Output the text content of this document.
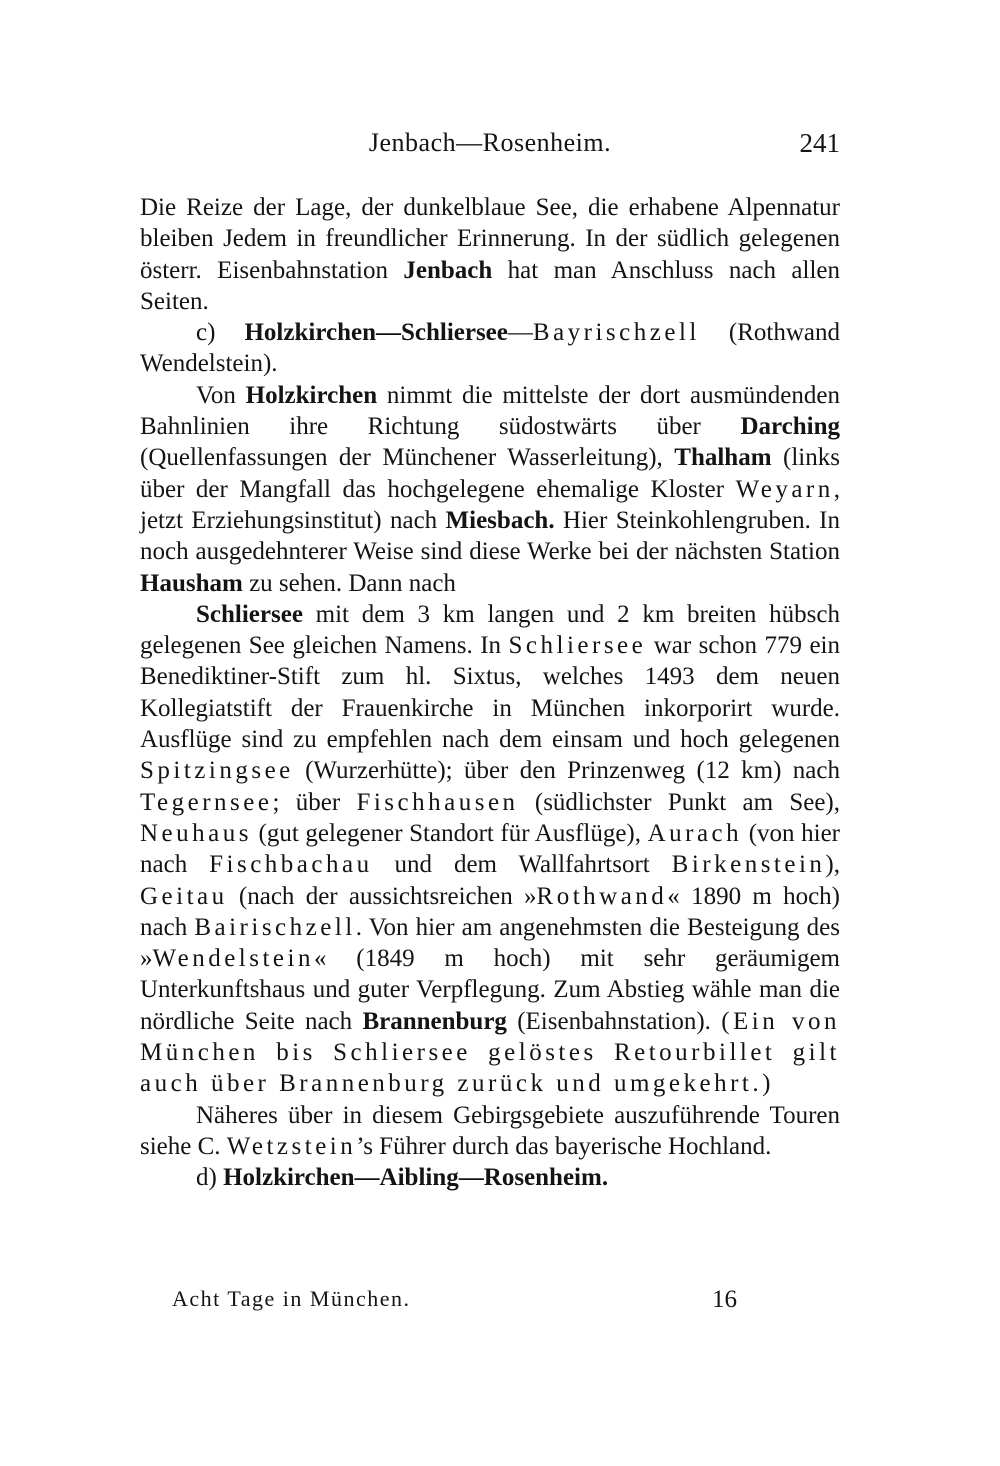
Jenbach—Rosenheim.	241

Die Reize der Lage, der dunkelblaue See, die erhabene Alpennatur bleiben Jedem in freundlicher Erinnerung. In der südlich gelegenen österr. Eisenbahnstation Jenbach hat man Anschluss nach allen Seiten.

c) Holzkirchen—Schliersee—Bayrischzell (Rothwand Wendelstein).

Von Holzkirchen nimmt die mittelste der dort ausmündenden Bahnlinien ihre Richtung südostwärts über Darching (Quellenfassungen der Münchener Wasserleitung), Thalham (links über der Mangfall das hochgelegene ehemalige Kloster Weyarn, jetzt Erziehungsinstitut) nach Miesbach. Hier Steinkohlengruben. In noch ausgedehnterer Weise sind diese Werke bei der nächsten Station Hausham zu sehen. Dann nach

Schliersee mit dem 3 km langen und 2 km breiten hübsch gelegenen See gleichen Namens. In Schliersee war schon 779 ein Benediktiner-Stift zum hl. Sixtus, welches 1493 dem neuen Kollegiatstift der Frauenkirche in München inkorporirt wurde. Ausflüge sind zu empfehlen nach dem einsam und hoch gelegenen Spitzingsee (Wurzerhütte); über den Prinzenweg (12 km) nach Tegernsee; über Fischhausen (südlichster Punkt am See), Neuhaus (gut gelegener Standort für Ausflüge), Aurach (von hier nach Fischbachau und dem Wallfahrtsort Birkenstein), Geitau (nach der aussichtsreichen »Rothwand« 1890 m hoch) nach Bairischzell. Von hier am angenehmsten die Besteigung des »Wendelstein« (1849 m hoch) mit sehr geräumigem Unterkunftshaus und guter Verpflegung. Zum Abstieg wähle man die nördliche Seite nach Brannenburg (Eisenbahnstation). (Ein von München bis Schliersee gelöstes Retourbillet gilt auch über Brannenburg zurück und umgekehrt.)

Näheres über in diesem Gebirgsgebiete auszuführende Touren siehe C. Wetzstein’s Führer durch das bayerische Hochland.

d) Holzkirchen—Aibling—Rosenheim.

Acht Tage in München.	16
